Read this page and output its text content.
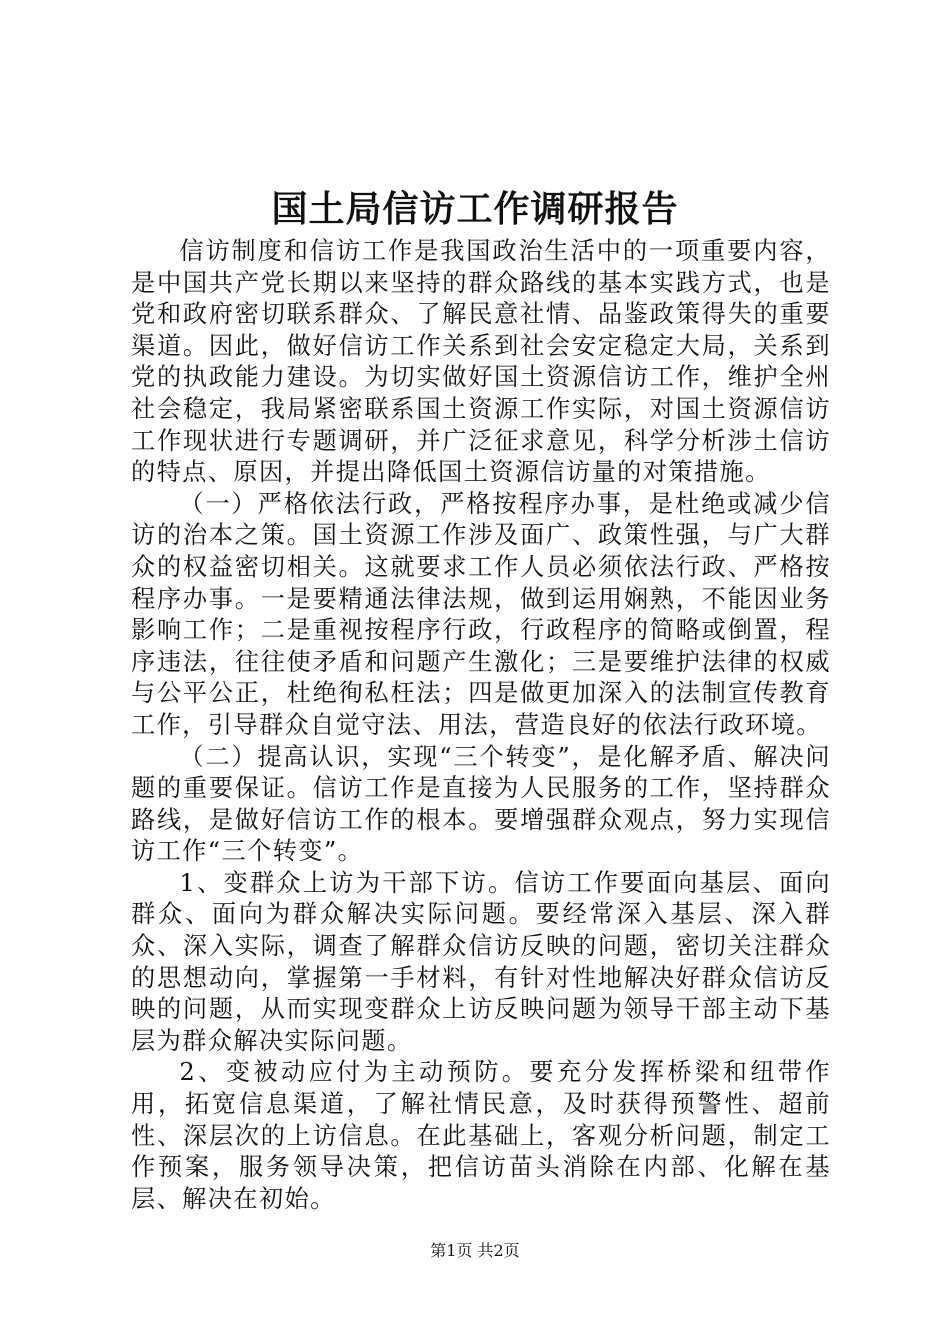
国土局信访工作调研报告

信访制度和信访工作是我国政治生活中的一项重要内容，是中国共产党长期以来坚持的群众路线的基本实践方式，也是党和政府密切联系群众、了解民意社情、品鉴政策得失的重要渠道。因此，做好信访工作关系到社会安定稳定大局，关系到党的执政能力建设。为切实做好国土资源信访工作，维护全州社会稳定，我局紧密联系国土资源工作实际，对国土资源信访工作现状进行专题调研，并广泛征求意见，科学分析涉土信访的特点、原因，并提出降低国土资源信访量的对策措施。

（一）严格依法行政，严格按程序办事，是杜绝或减少信访的治本之策。国土资源工作涉及面广、政策性强，与广大群众的权益密切相关。这就要求工作人员必须依法行政、严格按程序办事。一是要精通法律法规，做到运用娴熟，不能因业务影响工作；二是重视按程序行政，行政程序的简略或倒置，程序违法，往往使矛盾和问题产生激化；三是要维护法律的权威与公平公正，杜绝徇私枉法；四是做更加深入的法制宣传教育工作，引导群众自觉守法、用法，营造良好的依法行政环境。

（二）提高认识，实现“三个转变”，是化解矛盾、解决问题的重要保证。信访工作是直接为人民服务的工作，坚持群众路线，是做好信访工作的根本。要增强群众观点，努力实现信访工作“三个转变”。

1、变群众上访为干部下访。信访工作要面向基层、面向群众、面向为群众解决实际问题。要经常深入基层、深入群众、深入实际，调查了解群众信访反映的问题，密切关注群众的思想动向，掌握第一手材料，有针对性地解决好群众信访反映的问题，从而实现变群众上访反映问题为领导干部主动下基层为群众解决实际问题。

2、变被动应付为主动预防。要充分发挥桥梁和纽带作用，拓宽信息渠道，了解社情民意，及时获得预警性、超前性、深层次的上访信息。在此基础上，客观分析问题，制定工作预案，服务领导决策，把信访苗头消除在内部、化解在基层、解决在初始。

第1页 共2页
